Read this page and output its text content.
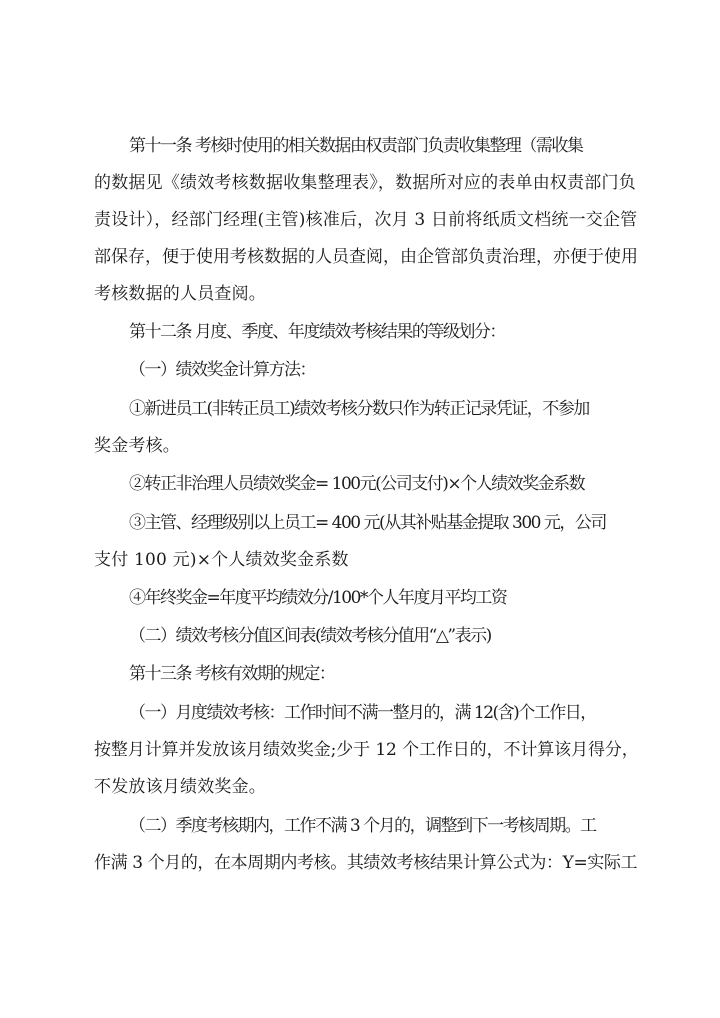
第十一条 考核时使用的相关数据由权责部门负责收集整理（需收集
的数据见《绩效考核数据收集整理表》，数据所对应的表单由权责部门负
责设计），经部门经理(主管)核准后，次月 3 日前将纸质文档统一交企管
部保存，便于使用考核数据的人员查阅，由企管部负责治理，亦便于使用
考核数据的人员查阅。
第十二条 月度、季度、年度绩效考核结果的等级划分：
（一）绩效奖金计算方法：
①新进员工(非转正员工)绩效考核分数只作为转正记录凭证，不参加
奖金考核。
②转正非治理人员绩效奖金= 100元(公司支付)×个人绩效奖金系数
③主管、经理级别以上员工= 400 元(从其补贴基金提取 300 元，公司
支付 100 元)×个人绩效奖金系数
④年终奖金=年度平均绩效分/100*个人年度月平均工资
（二）绩效考核分值区间表(绩效考核分值用“△”表示)
第十三条 考核有效期的规定：
（一）月度绩效考核：工作时间不满一整月的，满 12(含)个工作日，
按整月计算并发放该月绩效奖金;少于 12 个工作日的，不计算该月得分，
不发放该月绩效奖金。
（二）季度考核期内，工作不满 3 个月的，调整到下一考核周期。工
作满 3 个月的，在本周期内考核。其绩效考核结果计算公式为：Y=实际工
